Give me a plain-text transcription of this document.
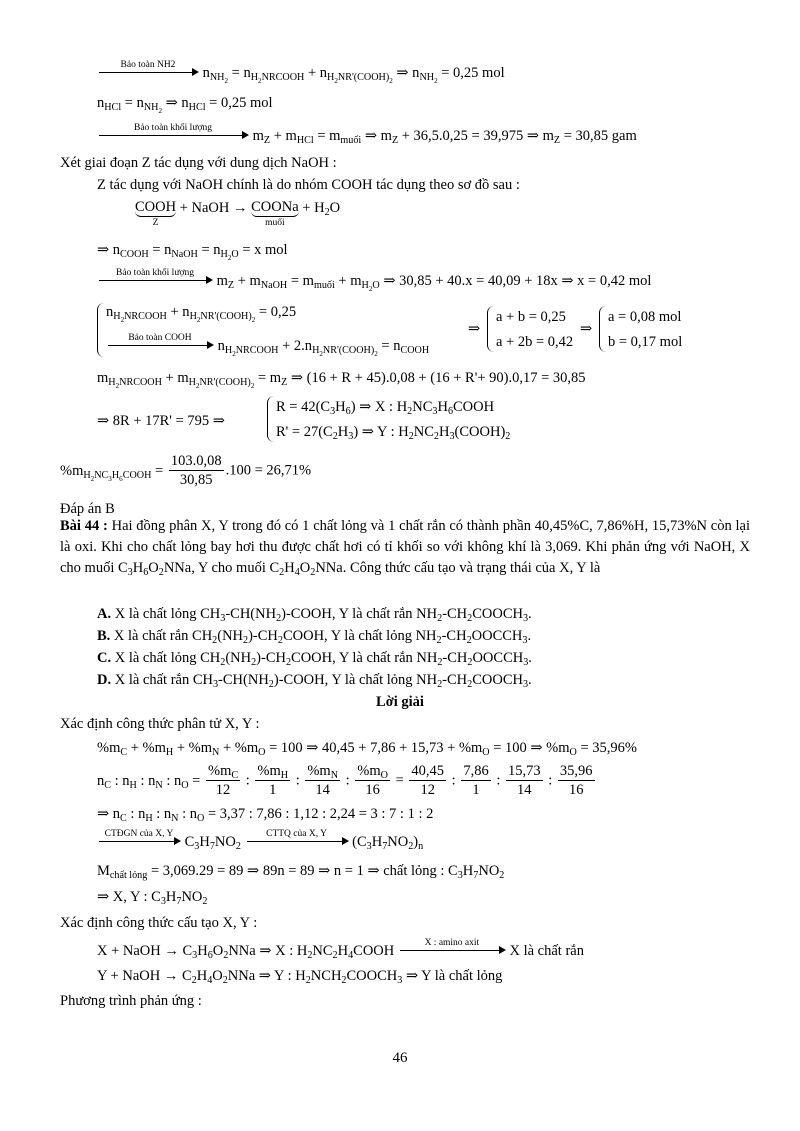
Bảo toàn NH2	$n_{NH_2} = n_{H_2NRCOOH} + n_{H_2NR'(COOH)_2}$ ⇒ $n_{NH_2} = 0,25$ mol
$n_{HCl} = n_{NH_2}$ ⇒ $n_{HCl} = 0,25$ mol
Bảo toàn khối lượng	$m_Z + m_{HCl} = m_{muối}$ ⇒ $m_Z + 36,5.0,25 = 39,975$ ⇒ $m_Z = 30,85$ gam
Xét giai đoạn Z tác dụng với dung dịch NaOH :
Z tác dụng với NaOH chính là do nhóm COOH tác dụng theo sơ đồ sau :
COOH
Z
+ NaOH → COONa
muối
+ $H_2O$
⇒ $n_{COOH} = n_{NaOH} = n_{H_2O} = x$ mol
Bảo toàn khối lượng	$m_Z + m_{NaOH} = m_{muối} + m_{H_2O}$ ⇒ 30,85 + 40.x = 40,09 + 18x ⇒ x = 0,42 mol
$n_{H_2NRCOOH} + n_{H_2NR'(COOH)_2} = 0,25$
Bảo toàn COOH	$n_{H_2NRCOOH} + 2.n_{H_2NR'(COOH)_2} = n_{COOH}$
⇒
a + b = 0,25
a + 2b = 0,42
⇒
a = 0,08 mol
b = 0,17 mol
$m_{H_2NRCOOH} + m_{H_2NR'(COOH)_2} = m_Z$ ⇒ (16 + R + 45).0,08 + (16 + R'+ 90).0,17 = 30,85
⇒ 8R + 17R' = 795 ⇒
$R = 42(C_3H_6)$ ⇒ X : $H_2NC_3H_6COOH$
$R' = 27(C_2H_3)$ ⇒ Y : $H_2NC_2H_3(COOH)_2$
$\%m_{H_2NC_3H_6COOH} = \frac{103.0,08}{30,85} .100 = 26,71\%$
Đáp án B
Bài 44 : Hai đồng phân X, Y trong đó có 1 chất lỏng và 1 chất rắn có thành phần 40,45%C, 7,86%H, 15,73%N còn lại là oxi. Khi cho chất lỏng bay hơi thu được chất hơi có tỉ khối so với không khí là 3,069. Khi phản ứng với NaOH, X cho muối $C_3H_6O_2NNa$, Y cho muối $C_2H_4O_2NNa$. Công thức cấu tạo và trạng thái của X, Y là
A. X là chất lỏng $CH_3-CH(NH_2)$-COOH, Y là chất rắn $NH_2-CH_2COOCH_3$.
B. X là chất rắn $CH_2(NH_2)-CH_2COOH$, Y là chất lỏng $NH_2-CH_2OOCCH_3$.
C. X là chất lỏng $CH_2(NH_2)-CH_2COOH$, Y là chất rắn $NH_2-CH_2OOCCH_3$.
D. X là chất rắn $CH_3-CH(NH_2)$-COOH, Y là chất lỏng $NH_2-CH_2COOCH_3$.
Lời giải
Xác định công thức phân tử X, Y :
$\%m_C + \%m_H + \%m_N + \%m_O = 100$ ⇒ $40,45 + 7,86 + 15,73 + \%m_O = 100$ ⇒ $\%m_O = 35,96\%$
$n_C$ : $n_H$ : $n_N$ : $n_O = \frac{\%m_C}{12}$ : $\frac{\%m_H}{1}$ : $\frac{\%m_N}{14}$ : $\frac{\%m_O}{16} = \frac{40,45}{12}$ : $\frac{7,86}{1}$ : $\frac{15,73}{14}$ : $\frac{35,96}{16}$
⇒ $n_C$ : $n_H$ : $n_N$ : $n_O = 3,37$ : 7,86 : 1,12 : 2,24 = 3 : 7 : 1 : 2
CTĐGN của X, Y $C_3H_7NO_2$
CTTQ của X, Y	$(C_3H_7NO_2)_n$
$M_{chất lỏng} = 3,069.29 = 89$ ⇒ 89n = 89 ⇒ n = 1 ⇒ chất lỏng : $C_3H_7NO_2$
⇒ X, Y : $C_3H_7NO_2$
Xác định công thức cấu tạo X, Y :
X + NaOH → $C_3H_6O_2NNa$ ⇒ X : $H_2NC_2H_4COOH$	X : amino axit	X là chất rắn
Y + NaOH → $C_2H_4O_2NNa$ ⇒ Y : $H_2NCH_2COOCH_3$ ⇒ Y là chất lỏng
Phương trình phản ứng :
46
